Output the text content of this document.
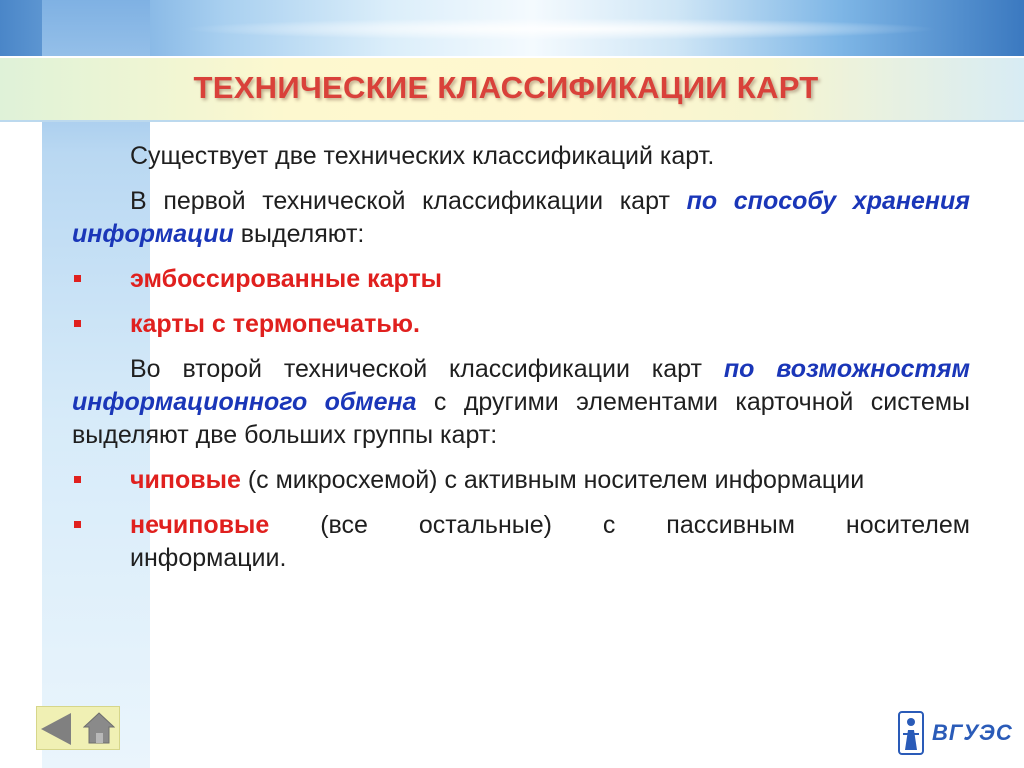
ТЕХНИЧЕСКИЕ КЛАССИФИКАЦИИ КАРТ

Существует две технических классификаций карт.

В первой технической классификации карт по способу хранения информации выделяют:

эмбоссированные карты
карты с термопечатью.

Во второй технической классификации карт по возможностям информационного обмена с другими элементами карточной системы выделяют две больших группы карт:

чиповые (с микросхемой) с активным носителем информации
нечиповые (все остальные) с пассивным носителем информации.
ВГУЭС
